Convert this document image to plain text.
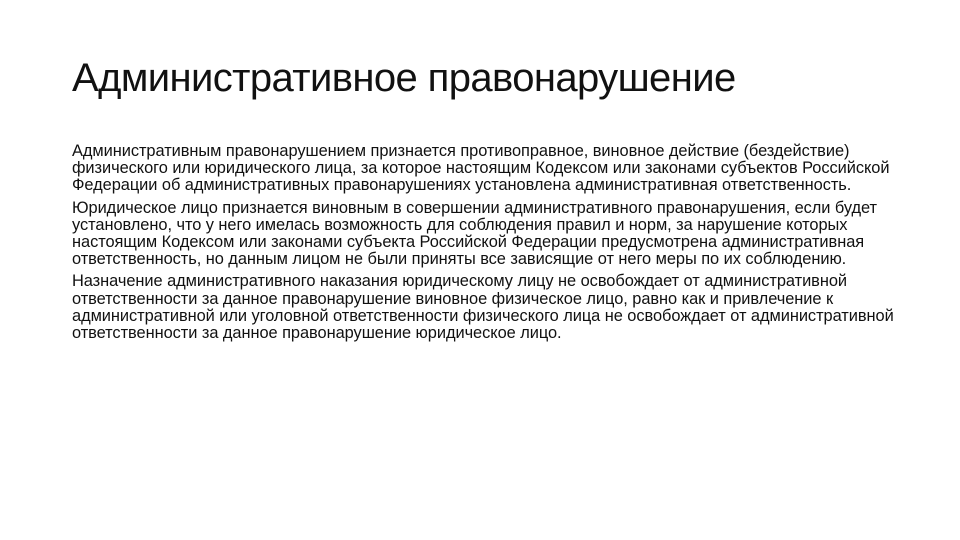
Административное правонарушение

Административным правонарушением признается противоправное, виновное действие (бездействие) физического или юридического лица, за которое настоящим Кодексом или законами субъектов Российской Федерации об административных правонарушениях установлена административная ответственность.

Юридическое лицо признается виновным в совершении административного правонарушения, если будет установлено, что у него имелась возможность для соблюдения правил и норм, за нарушение которых настоящим Кодексом или законами субъекта Российской Федерации предусмотрена административная ответственность, но данным лицом не были приняты все зависящие от него меры по их соблюдению.

Назначение административного наказания юридическому лицу не освобождает от административной ответственности за данное правонарушение виновное физическое лицо, равно как и привлечение к административной или уголовной ответственности физического лица не освобождает от административной ответственности за данное правонарушение юридическое лицо.
